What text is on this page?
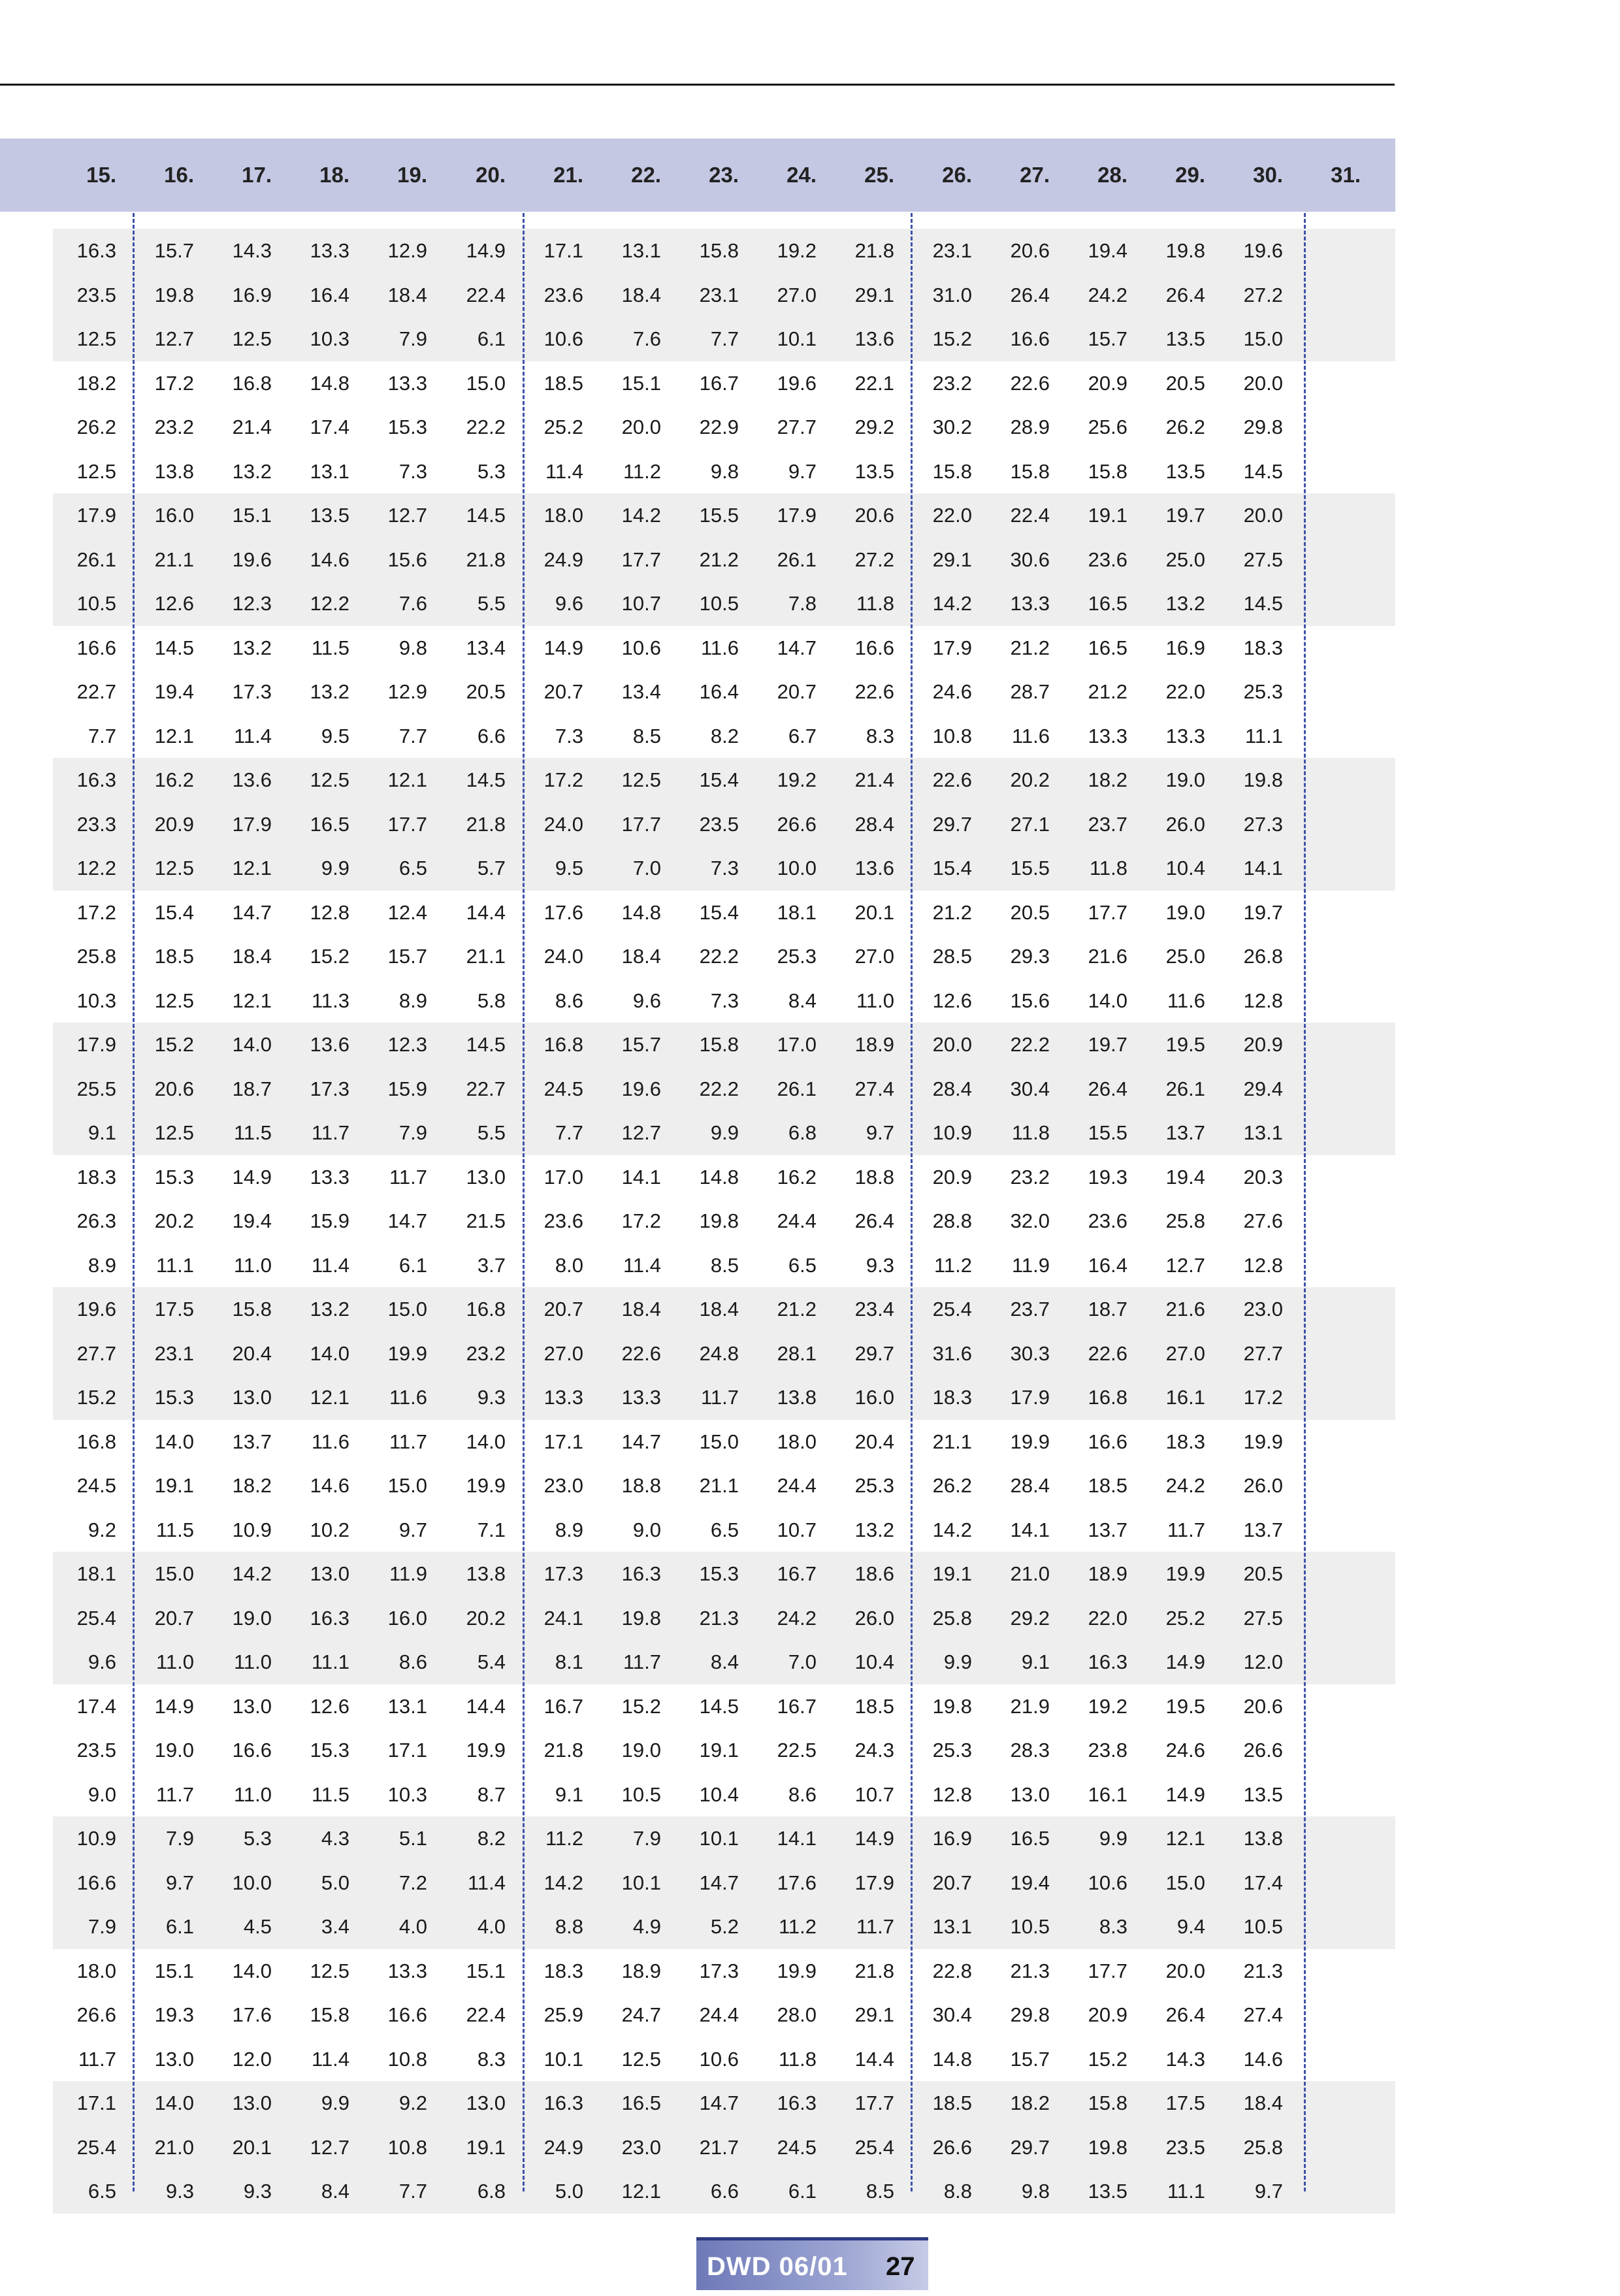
15.	16.	17.	18.	19.	20.	21.	22.	23.	24.	25.	26.	27.	28.	29.	30.	31.
16.3	15.7	14.3	13.3	12.9	14.9	17.1	13.1	15.8	19.2	21.8	23.1	20.6	19.4	19.8	19.6
23.5	19.8	16.9	16.4	18.4	22.4	23.6	18.4	23.1	27.0	29.1	31.0	26.4	24.2	26.4	27.2
12.5	12.7	12.5	10.3	7.9	6.1	10.6	7.6	7.7	10.1	13.6	15.2	16.6	15.7	13.5	15.0
18.2	17.2	16.8	14.8	13.3	15.0	18.5	15.1	16.7	19.6	22.1	23.2	22.6	20.9	20.5	20.0
26.2	23.2	21.4	17.4	15.3	22.2	25.2	20.0	22.9	27.7	29.2	30.2	28.9	25.6	26.2	29.8
12.5	13.8	13.2	13.1	7.3	5.3	11.4	11.2	9.8	9.7	13.5	15.8	15.8	15.8	13.5	14.5
17.9	16.0	15.1	13.5	12.7	14.5	18.0	14.2	15.5	17.9	20.6	22.0	22.4	19.1	19.7	20.0
26.1	21.1	19.6	14.6	15.6	21.8	24.9	17.7	21.2	26.1	27.2	29.1	30.6	23.6	25.0	27.5
10.5	12.6	12.3	12.2	7.6	5.5	9.6	10.7	10.5	7.8	11.8	14.2	13.3	16.5	13.2	14.5
16.6	14.5	13.2	11.5	9.8	13.4	14.9	10.6	11.6	14.7	16.6	17.9	21.2	16.5	16.9	18.3
22.7	19.4	17.3	13.2	12.9	20.5	20.7	13.4	16.4	20.7	22.6	24.6	28.7	21.2	22.0	25.3
7.7	12.1	11.4	9.5	7.7	6.6	7.3	8.5	8.2	6.7	8.3	10.8	11.6	13.3	13.3	11.1
16.3	16.2	13.6	12.5	12.1	14.5	17.2	12.5	15.4	19.2	21.4	22.6	20.2	18.2	19.0	19.8
23.3	20.9	17.9	16.5	17.7	21.8	24.0	17.7	23.5	26.6	28.4	29.7	27.1	23.7	26.0	27.3
12.2	12.5	12.1	9.9	6.5	5.7	9.5	7.0	7.3	10.0	13.6	15.4	15.5	11.8	10.4	14.1
17.2	15.4	14.7	12.8	12.4	14.4	17.6	14.8	15.4	18.1	20.1	21.2	20.5	17.7	19.0	19.7
25.8	18.5	18.4	15.2	15.7	21.1	24.0	18.4	22.2	25.3	27.0	28.5	29.3	21.6	25.0	26.8
10.3	12.5	12.1	11.3	8.9	5.8	8.6	9.6	7.3	8.4	11.0	12.6	15.6	14.0	11.6	12.8
17.9	15.2	14.0	13.6	12.3	14.5	16.8	15.7	15.8	17.0	18.9	20.0	22.2	19.7	19.5	20.9
25.5	20.6	18.7	17.3	15.9	22.7	24.5	19.6	22.2	26.1	27.4	28.4	30.4	26.4	26.1	29.4
9.1	12.5	11.5	11.7	7.9	5.5	7.7	12.7	9.9	6.8	9.7	10.9	11.8	15.5	13.7	13.1
18.3	15.3	14.9	13.3	11.7	13.0	17.0	14.1	14.8	16.2	18.8	20.9	23.2	19.3	19.4	20.3
26.3	20.2	19.4	15.9	14.7	21.5	23.6	17.2	19.8	24.4	26.4	28.8	32.0	23.6	25.8	27.6
8.9	11.1	11.0	11.4	6.1	3.7	8.0	11.4	8.5	6.5	9.3	11.2	11.9	16.4	12.7	12.8
19.6	17.5	15.8	13.2	15.0	16.8	20.7	18.4	18.4	21.2	23.4	25.4	23.7	18.7	21.6	23.0
27.7	23.1	20.4	14.0	19.9	23.2	27.0	22.6	24.8	28.1	29.7	31.6	30.3	22.6	27.0	27.7
15.2	15.3	13.0	12.1	11.6	9.3	13.3	13.3	11.7	13.8	16.0	18.3	17.9	16.8	16.1	17.2
16.8	14.0	13.7	11.6	11.7	14.0	17.1	14.7	15.0	18.0	20.4	21.1	19.9	16.6	18.3	19.9
24.5	19.1	18.2	14.6	15.0	19.9	23.0	18.8	21.1	24.4	25.3	26.2	28.4	18.5	24.2	26.0
9.2	11.5	10.9	10.2	9.7	7.1	8.9	9.0	6.5	10.7	13.2	14.2	14.1	13.7	11.7	13.7
18.1	15.0	14.2	13.0	11.9	13.8	17.3	16.3	15.3	16.7	18.6	19.1	21.0	18.9	19.9	20.5
25.4	20.7	19.0	16.3	16.0	20.2	24.1	19.8	21.3	24.2	26.0	25.8	29.2	22.0	25.2	27.5
9.6	11.0	11.0	11.1	8.6	5.4	8.1	11.7	8.4	7.0	10.4	9.9	9.1	16.3	14.9	12.0
17.4	14.9	13.0	12.6	13.1	14.4	16.7	15.2	14.5	16.7	18.5	19.8	21.9	19.2	19.5	20.6
23.5	19.0	16.6	15.3	17.1	19.9	21.8	19.0	19.1	22.5	24.3	25.3	28.3	23.8	24.6	26.6
9.0	11.7	11.0	11.5	10.3	8.7	9.1	10.5	10.4	8.6	10.7	12.8	13.0	16.1	14.9	13.5
10.9	7.9	5.3	4.3	5.1	8.2	11.2	7.9	10.1	14.1	14.9	16.9	16.5	9.9	12.1	13.8
16.6	9.7	10.0	5.0	7.2	11.4	14.2	10.1	14.7	17.6	17.9	20.7	19.4	10.6	15.0	17.4
7.9	6.1	4.5	3.4	4.0	4.0	8.8	4.9	5.2	11.2	11.7	13.1	10.5	8.3	9.4	10.5
18.0	15.1	14.0	12.5	13.3	15.1	18.3	18.9	17.3	19.9	21.8	22.8	21.3	17.7	20.0	21.3
26.6	19.3	17.6	15.8	16.6	22.4	25.9	24.7	24.4	28.0	29.1	30.4	29.8	20.9	26.4	27.4
11.7	13.0	12.0	11.4	10.8	8.3	10.1	12.5	10.6	11.8	14.4	14.8	15.7	15.2	14.3	14.6
17.1	14.0	13.0	9.9	9.2	13.0	16.3	16.5	14.7	16.3	17.7	18.5	18.2	15.8	17.5	18.4
25.4	21.0	20.1	12.7	10.8	19.1	24.9	23.0	21.7	24.5	25.4	26.6	29.7	19.8	23.5	25.8
6.5	9.3	9.3	8.4	7.7	6.8	5.0	12.1	6.6	6.1	8.5	8.8	9.8	13.5	11.1	9.7
DWD 06/01 27
